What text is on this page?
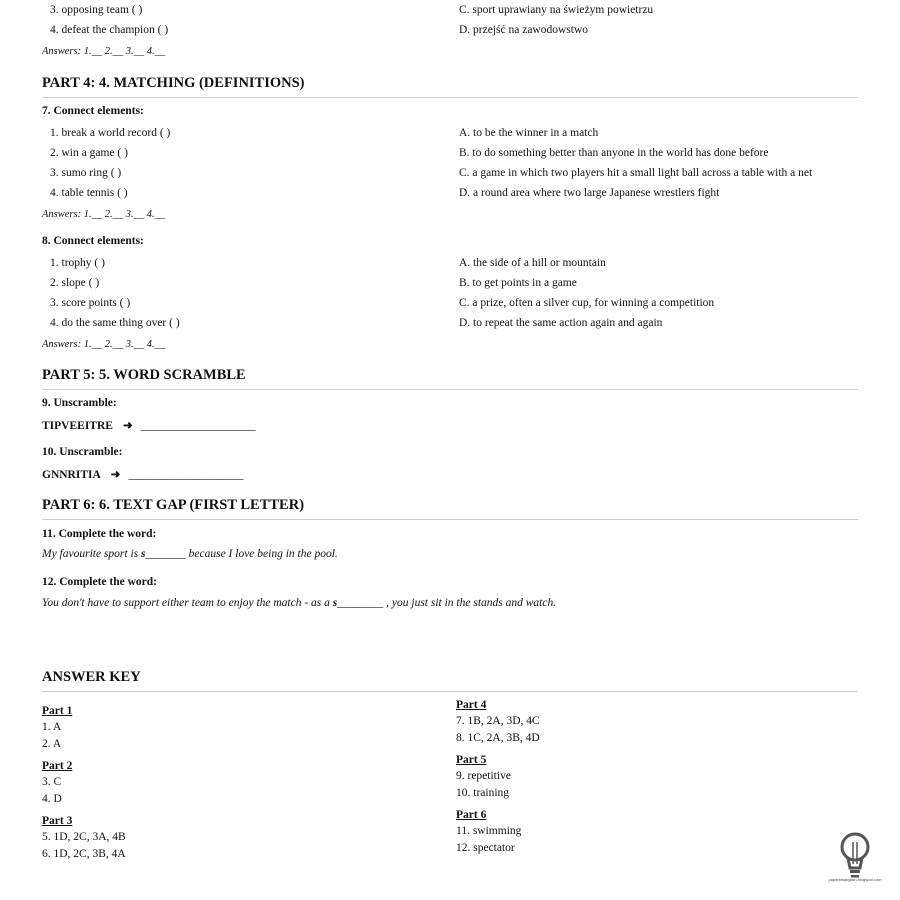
3. opposing team ( )	C. sport uprawiany na świeżym powietrzu
4. defeat the champion ( )	D. przejść na zawodowstwo
Answers: 1.__ 2.__ 3.__ 4.__
PART 4: 4. MATCHING (DEFINITIONS)
7. Connect elements:
1. break a world record ( )	A. to be the winner in a match
2. win a game ( )	B. to do something better than anyone in the world has done before
3. sumo ring ( )	C. a game in which two players hit a small light ball across a table with a net
4. table tennis ( )	D. a round area where two large Japanese wrestlers fight
Answers: 1.__ 2.__ 3.__ 4.__
8. Connect elements:
1. trophy ( )	A. the side of a hill or mountain
2. slope ( )	B. to get points in a game
3. score points ( )	C. a prize, often a silver cup, for winning a competition
4. do the same thing over ( )	D. to repeat the same action again and again
Answers: 1.__ 2.__ 3.__ 4.__
PART 5: 5. WORD SCRAMBLE
9. Unscramble:
TIPVEEITRE ➜ ____________________
10. Unscramble:
GNNRITIA ➜ ____________________
PART 6: 6. TEXT GAP (FIRST LETTER)
11. Complete the word:
My favourite sport is s_______ because I love being in the pool.
12. Complete the word:
You don't have to support either team to enjoy the match - as a s________ , you just sit in the stands and watch.
ANSWER KEY
Part 1
1. A
2. A
Part 2
3. C
4. D
Part 3
5. 1D, 2C, 3A, 4B
6. 1D, 2C, 3B, 4A
Part 4
7. 1B, 2A, 3D, 4C
8. 1C, 2A, 3B, 4D
Part 5
9. repetitive
10. training
Part 6
11. swimming
12. spectator
paperinsanglish.blogspot.com
